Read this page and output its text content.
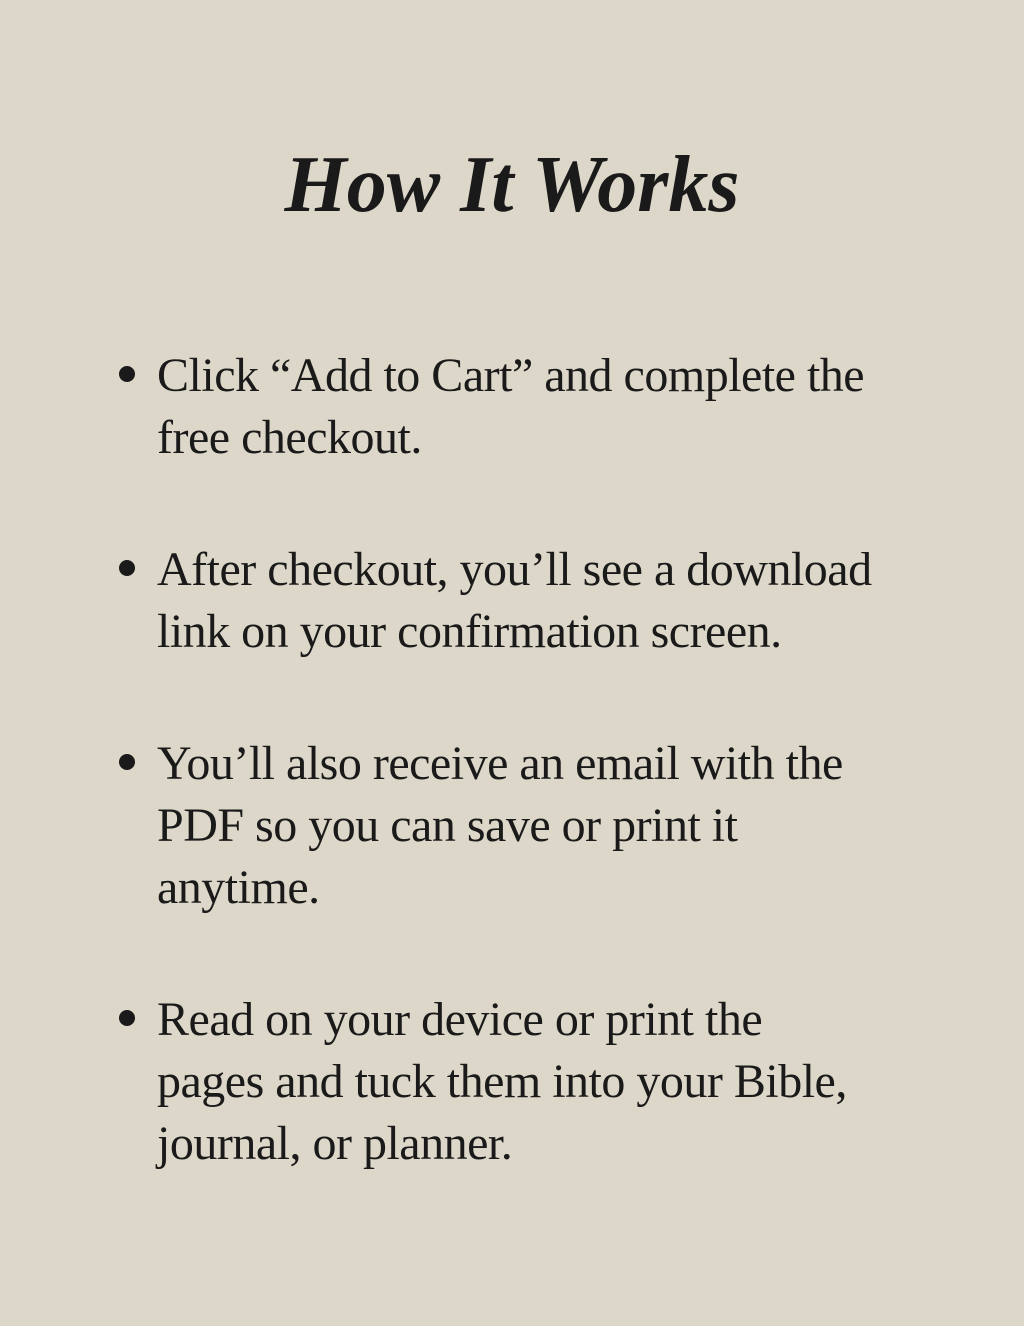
How It Works
Click “Add to Cart” and complete the
free checkout.
After checkout, you’ll see a download
link on your confirmation screen.
You’ll also receive an email with the
PDF so you can save or print it
anytime.
Read on your device or print the
pages and tuck them into your Bible,
journal, or planner.
